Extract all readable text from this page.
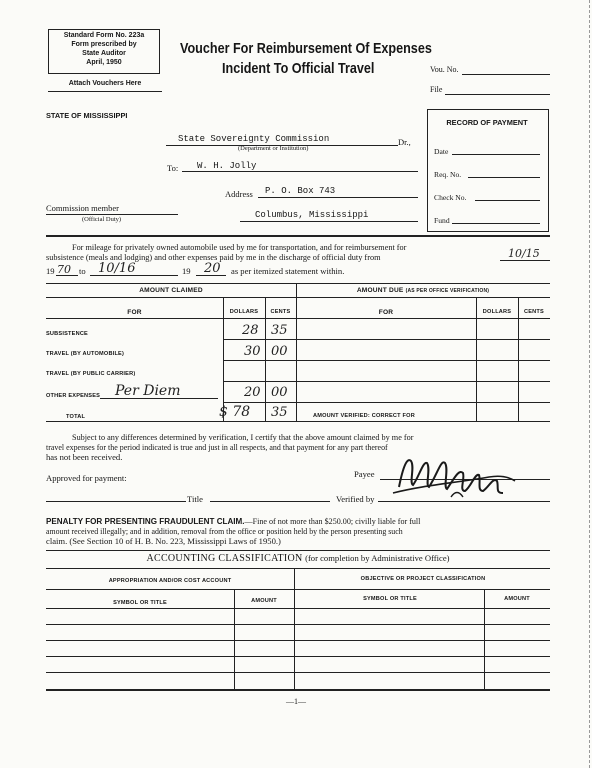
Standard Form No. 223a
Form prescribed by
State Auditor
April, 1950
Attach Vouchers Here
Voucher For Reimbursement Of Expenses
Incident To Official Travel	Vou. No.
File
STATE OF MISSISSIPPI
State Sovereignty Commission	Dr.,
(Department or Institution)
To: W. H. Jolly
Address P. O. Box 743
Commission member
(Official Duty)	Columbus, Mississippi
RECORD OF PAYMENT
Date
Req. No.
Check No.
Fund
For mileage for privately owned automobile used by me for transportation, and for reimbursement for
subsistence (meals and lodging) and other expenses paid by me in the discharge of official duty from	10/15
19 70 to 10/16	19 20 as per itemized statement within.
AMOUNT CLAIMED	AMOUNT DUE (AS PER OFFICE VERIFICATION)
FOR	DOLLARS	CENTS	FOR	DOLLARS	CENTS
SUBSISTENCE	28 35
TRAVEL (BY AUTOMOBILE)	30 00
TRAVEL (BY PUBLIC CARRIER)
OTHER EXPENSES Per Diem	20 00
TOTAL	$ 78 35	AMOUNT VERIFIED: CORRECT FOR
Subject to any differences determined by verification, I certify that the above amount claimed by me for
travel expenses for the period indicated is true and just in all respects, and that payment for any part thereof
has not been received.
Approved for payment:	Payee
Title	Verified by
PENALTY FOR PRESENTING FRAUDULENT CLAIM.—Fine of not more than $250.00; civilly liable for full
amount received illegally; and in addition, removal from the office or position held by the person presenting such
claim. (See Section 10 of H. B. No. 223, Mississippi Laws of 1950.)
ACCOUNTING CLASSIFICATION (for completion by Administrative Office)
APPROPRIATION AND/OR COST ACCOUNT	OBJECTIVE OR PROJECT CLASSIFICATION
SYMBOL OR TITLE	AMOUNT	SYMBOL OR TITLE	AMOUNT
—1—
